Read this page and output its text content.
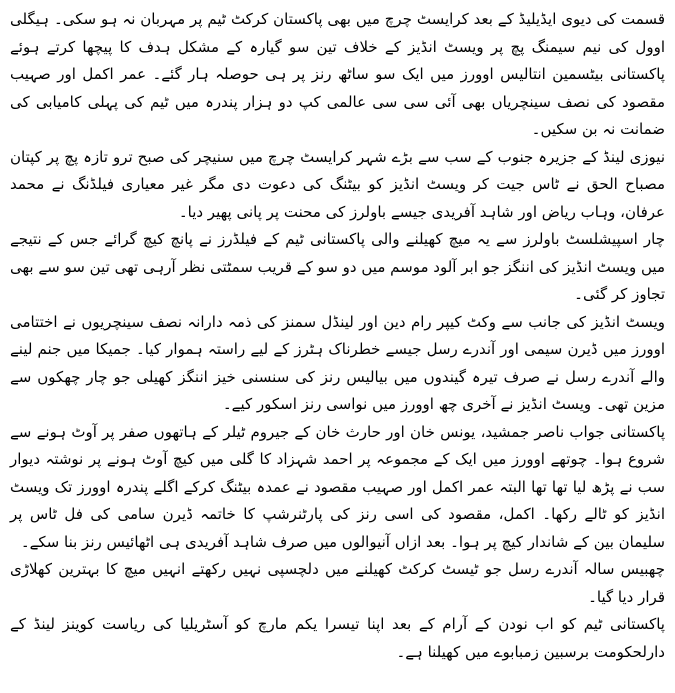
قسمت کی دیوی ایڈیلیڈ کے بعد کرایسٹ چرچ میں بھی پاکستان کرکٹ ٹیم پر مہربان نہ ہو سکی۔ ہیگلی اوول کی نیم سیمنگ پچ پر ویسٹ انڈیز کے خلاف تین سو گیارہ کے مشکل ہدف کا پیچھا کرتے ہوئے پاکستانی بیٹسمین انتالیس اوورز میں ایک سو ساٹھ رنز پر ہی حوصلہ ہار گئے۔ عمر اکمل اور صہیب مقصود کی نصف سینچریاں بھی آئی سی سی عالمی کپ دو ہزار پندرہ میں ٹیم کی پہلی کامیابی کی ضمانت نہ بن سکیں۔

نیوزی لینڈ کے جزیرہ جنوب کے سب سے بڑے شہر کرایسٹ چرچ میں سنیچر کی صبح ترو تازہ پچ پر کپتان مصباح الحق نے ٹاس جیت کر ویسٹ انڈیز کو بیٹنگ کی دعوت دی مگر غیر معیاری فیلڈنگ نے محمد عرفان، وہاب ریاض اور شاہد آفریدی جیسے باولرز کی محنت پر پانی پھیر دیا۔

چار اسپیشلسٹ باولرز سے یہ میچ کھیلنے والی پاکستانی ٹیم کے فیلڈرز نے پانچ کیچ گرائے جس کے نتیجے میں ویسٹ انڈیز کی اننگز جو ابر آلود موسم میں دو سو کے قریب سمٹتی نظر آرہی تھی تین سو سے بھی تجاوز کر گئی۔

ویسٹ انڈیز کی جانب سے وکٹ کیپر رام دین اور لینڈل سمنز کی ذمہ دارانہ نصف سینچریوں نے اختتامی اوورز میں ڈیرن سیمی اور آندرے رسل جیسے خطرناک ہٹرز کے لیے راستہ ہموار کیا۔ جمیکا میں جنم لینے والے آندرے رسل نے صرف تیرہ گیندوں میں بیالیس رنز کی سنسنی خیز اننگز کھیلی جو چار چھکوں سے مزین تھی۔ ویسٹ انڈیز نے آخری چھ اوورز میں نواسی رنز اسکور کیے۔

پاکستانی جواب ناصر جمشید، یونس خان اور حارث خان کے جیروم ٹیلر کے ہاتھوں صفر پر آوٹ ہونے سے شروع ہوا۔ چوتھے اوورز میں ایک کے مجموعہ پر احمد شہزاد کا گلی میں کیچ آوٹ ہونے پر نوشتہ دیوار سب نے پڑھ لیا تھا تھا البتہ عمر اکمل اور صہیب مقصود نے عمدہ بیٹنگ کرکے اگلے پندرہ اوورز تک ویسٹ انڈیز کو ٹالے رکھا۔ اکمل، مقصود کی اسی رنز کی پارٹنرشپ کا خاتمہ ڈیرن سامی کی فل ٹاس پر سلیمان بین کے شاندار کیچ پر ہوا۔ بعد ازاں آنیوالوں میں صرف شاہد آفریدی ہی اٹھائیس رنز بنا سکے۔

چھبیس سالہ آندرے رسل جو ٹیسٹ کرکٹ کھیلنے میں دلچسپی نہیں رکھتے انہیں میچ کا بہترین کھلاڑی قرار دیا گیا۔

پاکستانی ٹیم کو اب نودن کے آرام کے بعد اپنا تیسرا یکم مارچ کو آسٹریلیا کی ریاست کوینز لینڈ کے دارلحکومت برسبین زمبابوے میں کھیلنا ہے۔
